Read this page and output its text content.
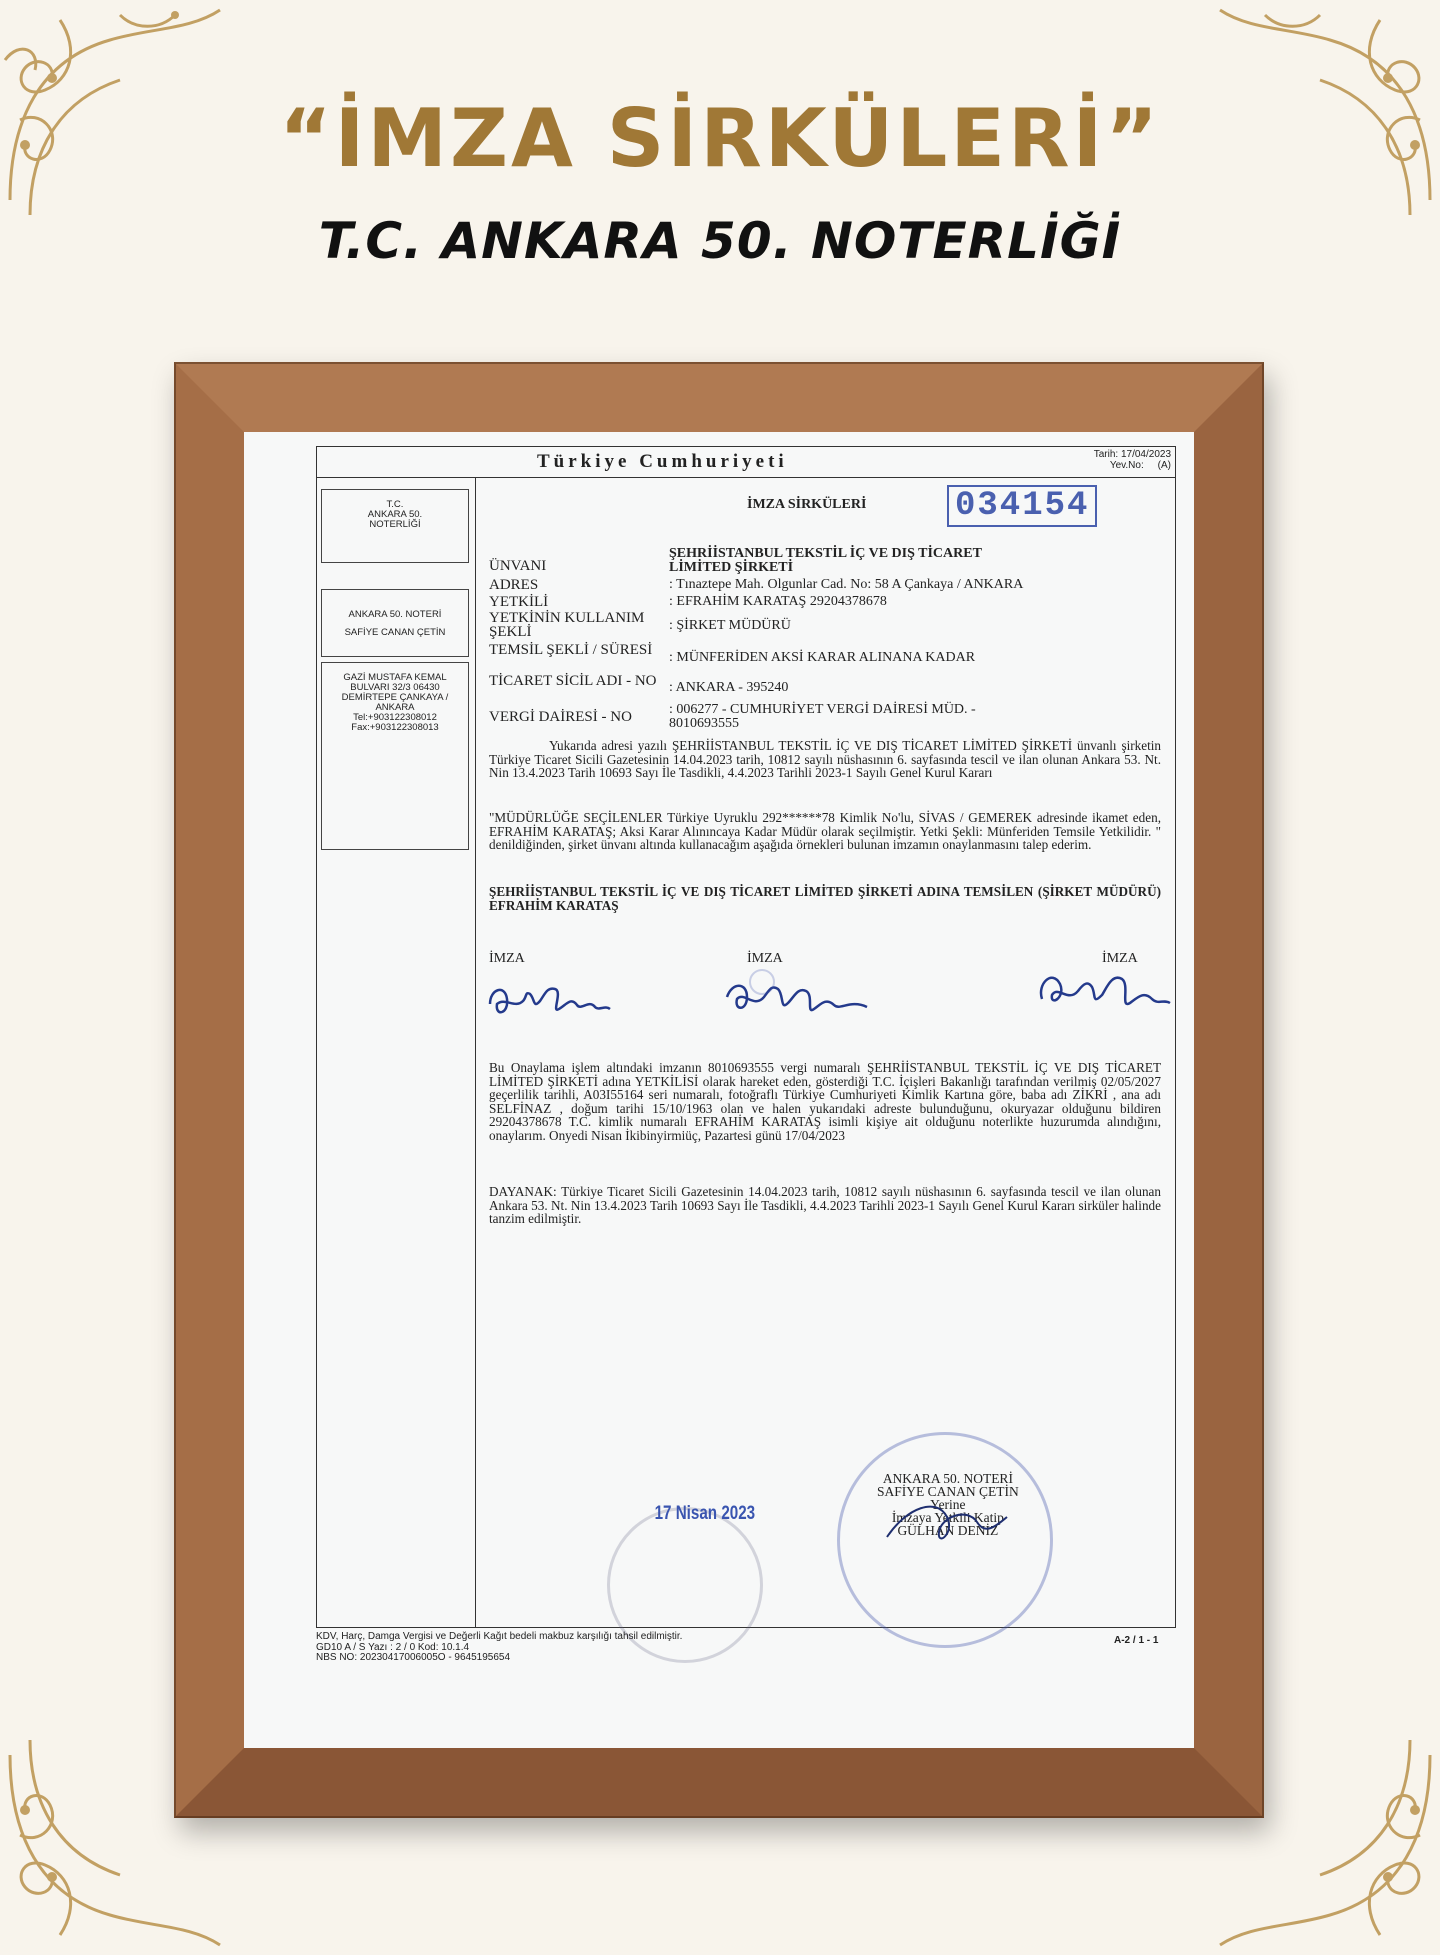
“İMZA SİRKÜLERİ”
T.C. ANKARA 50. NOTERLİĞİ
Türkiye Cumhuriyeti	Tarih: 17/04/2023
Yev.No: (A)
T.C.
ANKARA 50.
NOTERLİĞİ
ANKARA 50. NOTERİ
SAFİYE CANAN ÇETİN
GAZİ MUSTAFA KEMAL
BULVARI 32/3 06430
DEMİRTEPE ÇANKAYA /
ANKARA
Tel:+903122308012
Fax:+903122308013
İMZA SİRKÜLERİ	034154
ÜNVANI
ŞEHRİİSTANBUL TEKSTİL İÇ VE DIŞ TİCARET
LİMİTED ŞİRKETİ
ADRES	: Tınaztepe Mah. Olgunlar Cad. No: 58 A Çankaya / ANKARA
YETKİLİ	: EFRAHİM KARATAŞ 29204378678
YETKİNİN KULLANIM ŞEKLİ	: ŞİRKET MÜDÜRÜ
TEMSİL ŞEKLİ / SÜRESİ	: MÜNFERİDEN AKSİ KARAR ALINANA KADAR
TİCARET SİCİL ADI - NO : ANKARA - 395240
VERGİ DAİRESİ - NO	: 006277 - CUMHURİYET VERGİ DAİRESİ MÜD. -
8010693555

Yukarıda adresi yazılı ŞEHRİİSTANBUL TEKSTİL İÇ VE DIŞ TİCARET LİMİTED ŞİRKETİ ünvanlı şirketin Türkiye Ticaret Sicili Gazetesinin 14.04.2023 tarih, 10812 sayılı nüshasının 6. sayfasında tescil ve ilan olunan Ankara 53. Nt. Nin 13.4.2023 Tarih 10693 Sayı İle Tasdikli, 4.4.2023 Tarihli 2023-1 Sayılı Genel Kurul Kararı

"MÜDÜRLÜĞE SEÇİLENLER Türkiye Uyruklu 292******78 Kimlik No'lu, SİVAS / GEMEREK adresinde ikamet eden, EFRAHİM KARATAŞ; Aksi Karar Alınıncaya Kadar Müdür olarak seçilmiştir. Yetki Şekli: Münferiden Temsile Yetkilidir. " denildiğinden, şirket ünvanı altında kullanacağım aşağıda örnekleri bulunan imzamın onaylanmasını talep ederim.

ŞEHRİİSTANBUL TEKSTİL İÇ VE DIŞ TİCARET LİMİTED ŞİRKETİ ADINA TEMSİLEN (ŞİRKET MÜDÜRÜ) EFRAHİM KARATAŞ

İMZA	İMZA	İMZA

Bu Onaylama işlem altındaki imzanın 8010693555 vergi numaralı ŞEHRİİSTANBUL TEKSTİL İÇ VE DIŞ TİCARET LİMİTED ŞİRKETİ adına YETKİLİSİ olarak hareket eden, gösterdiği T.C. İçişleri Bakanlığı tarafından verilmiş 02/05/2027 geçerlilik tarihli, A03I55164 seri numaralı, fotoğraflı Türkiye Cumhuriyeti Kimlik Kartına göre, baba adı ZİKRİ , ana adı SELFİNAZ , doğum tarihi 15/10/1963 olan ve halen yukarıdaki adreste bulunduğunu, okuryazar olduğunu bildiren 29204378678 T.C. kimlik numaralı EFRAHİM KARATAŞ isimli kişiye ait olduğunu noterlikte huzurumda alındığını, onaylarım. Onyedi Nisan İkibinyirmiüç, Pazartesi günü 17/04/2023

DAYANAK: Türkiye Ticaret Sicili Gazetesinin 14.04.2023 tarih, 10812 sayılı nüshasının 6. sayfasında tescil ve ilan olunan Ankara 53. Nt. Nin 13.4.2023 Tarih 10693 Sayı İle Tasdikli, 4.4.2023 Tarihli 2023-1 Sayılı Genel Kurul Kararı sirküler halinde tanzim edilmiştir.

ANKARA 50. NOTERİ
SAFİYE CANAN ÇETİN
Yerine
İmzaya Yetkili Katip
GÜLHAN DENİZ
17 Nisan 2023
KDV, Harç, Damga Vergisi ve Değerli Kağıt bedeli makbuz karşılığı tahsil edilmiştir.
GD10 A / S Yazı : 2 / 0 Kod: 10.1.4
NBS NO: 20230417006005O - 9645195654
A-2 / 1 - 1
